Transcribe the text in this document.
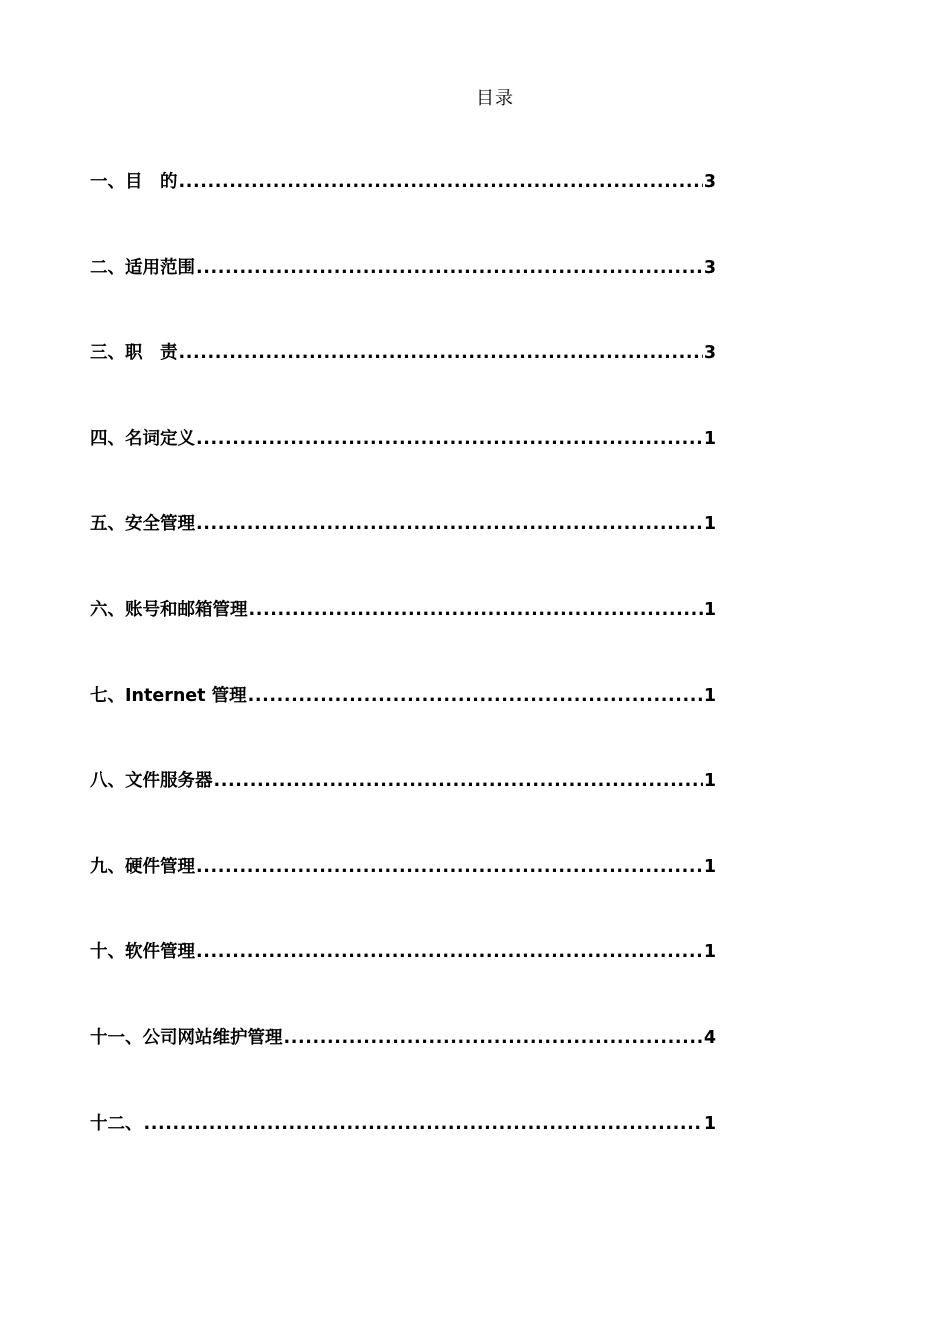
目录
一、目　的 .....	3
二、适用范围 .....	3
三、职　责 .....	3
四、名词定义 .....	1
五、安全管理 .....	1
六、账号和邮箱管理 .....	1
七、Internet 管理 .....	1
八、文件服务器 .....	1
九、硬件管理 .....	1
十、软件管理 .....	1
十一、公司网站维护管理 .....	4
十二、 .....	1
